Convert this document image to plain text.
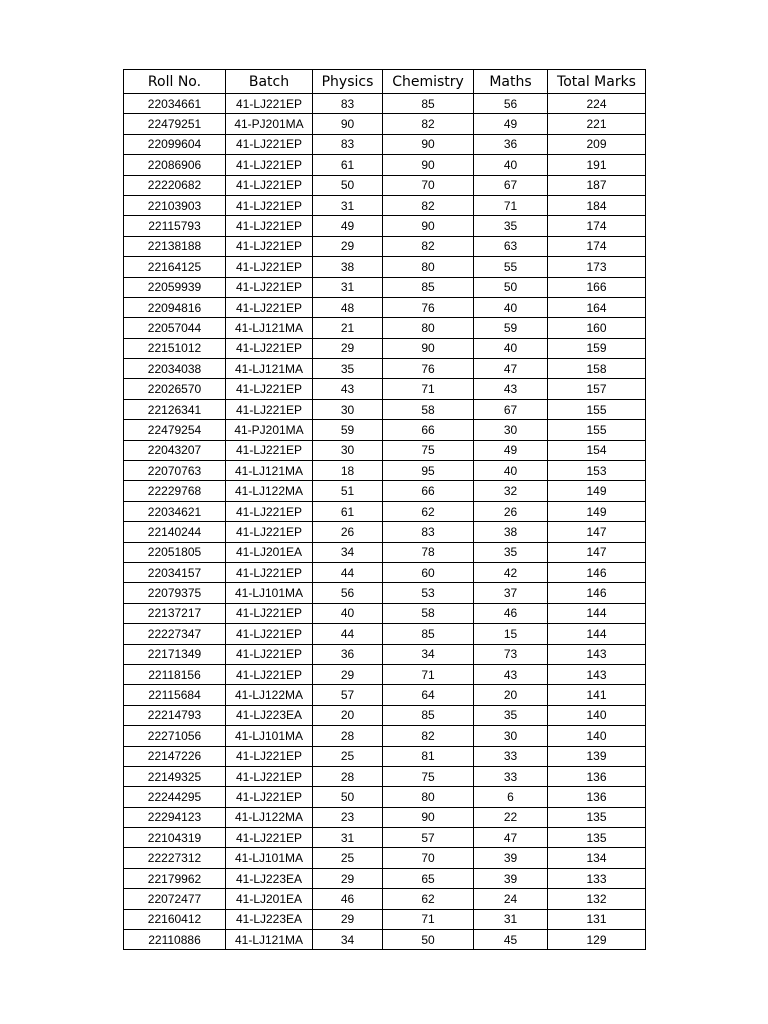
Roll No.	Batch	Physics	Chemistry	Maths	Total Marks
22034661	41-LJ221EP	83	85	56	224
22479251	41-PJ201MA	90	82	49	221
22099604	41-LJ221EP	83	90	36	209
22086906	41-LJ221EP	61	90	40	191
22220682	41-LJ221EP	50	70	67	187
22103903	41-LJ221EP	31	82	71	184
22115793	41-LJ221EP	49	90	35	174
22138188	41-LJ221EP	29	82	63	174
22164125	41-LJ221EP	38	80	55	173
22059939	41-LJ221EP	31	85	50	166
22094816	41-LJ221EP	48	76	40	164
22057044	41-LJ121MA	21	80	59	160
22151012	41-LJ221EP	29	90	40	159
22034038	41-LJ121MA	35	76	47	158
22026570	41-LJ221EP	43	71	43	157
22126341	41-LJ221EP	30	58	67	155
22479254	41-PJ201MA	59	66	30	155
22043207	41-LJ221EP	30	75	49	154
22070763	41-LJ121MA	18	95	40	153
22229768	41-LJ122MA	51	66	32	149
22034621	41-LJ221EP	61	62	26	149
22140244	41-LJ221EP	26	83	38	147
22051805	41-LJ201EA	34	78	35	147
22034157	41-LJ221EP	44	60	42	146
22079375	41-LJ101MA	56	53	37	146
22137217	41-LJ221EP	40	58	46	144
22227347	41-LJ221EP	44	85	15	144
22171349	41-LJ221EP	36	34	73	143
22118156	41-LJ221EP	29	71	43	143
22115684	41-LJ122MA	57	64	20	141
22214793	41-LJ223EA	20	85	35	140
22271056	41-LJ101MA	28	82	30	140
22147226	41-LJ221EP	25	81	33	139
22149325	41-LJ221EP	28	75	33	136
22244295	41-LJ221EP	50	80	6	136
22294123	41-LJ122MA	23	90	22	135
22104319	41-LJ221EP	31	57	47	135
22227312	41-LJ101MA	25	70	39	134
22179962	41-LJ223EA	29	65	39	133
22072477	41-LJ201EA	46	62	24	132
22160412	41-LJ223EA	29	71	31	131
22110886	41-LJ121MA	34	50	45	129
